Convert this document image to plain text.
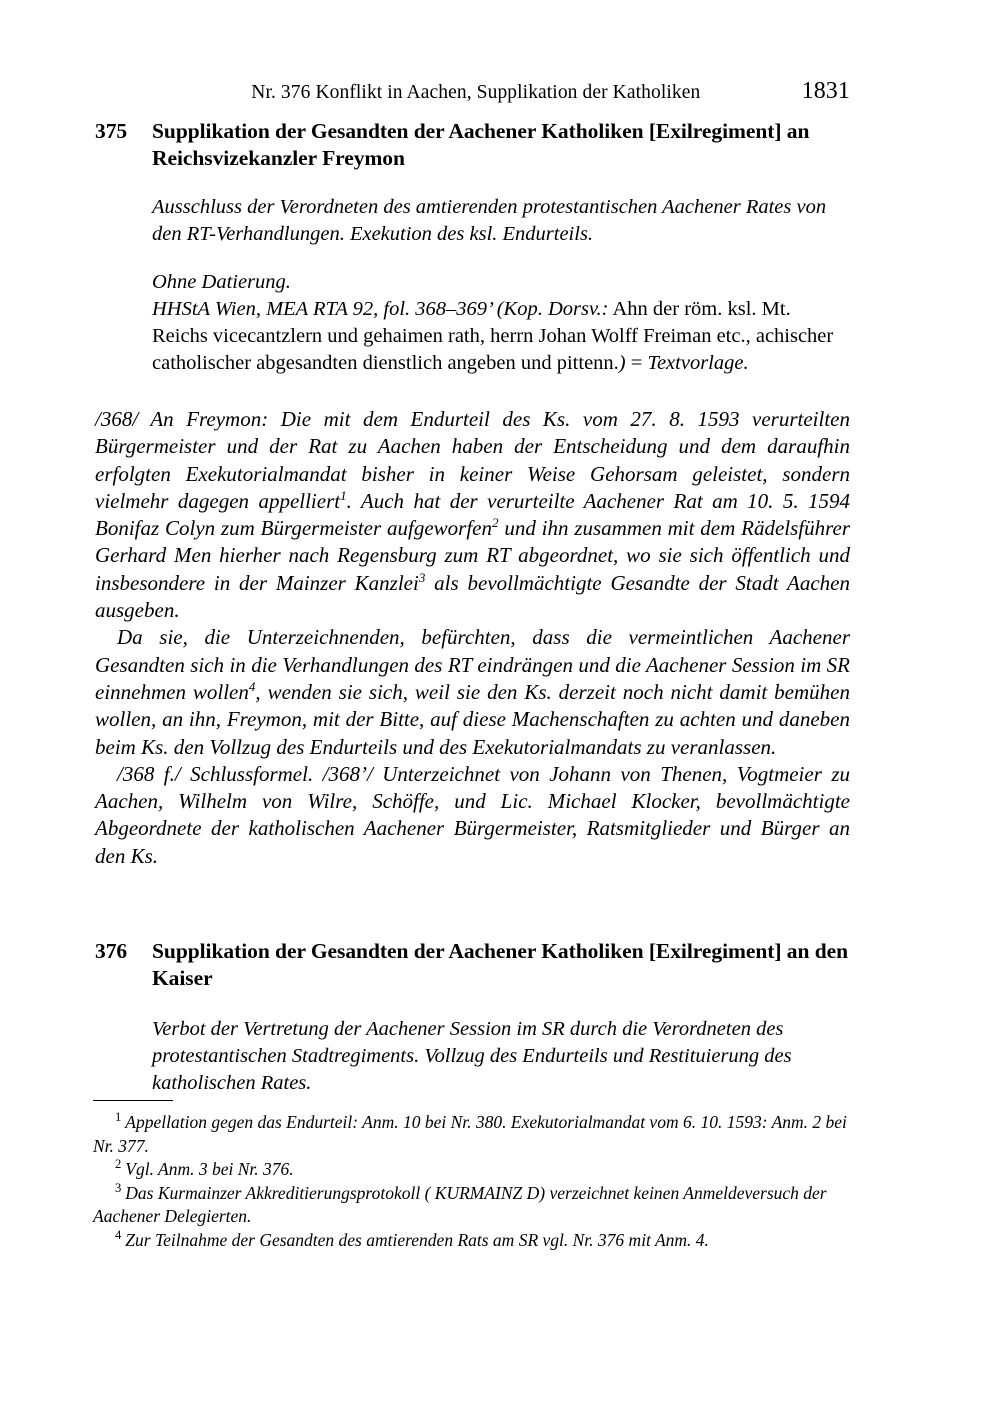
Nr. 376 Konflikt in Aachen, Supplikation der Katholiken	1831
375	Supplikation der Gesandten der Aachener Katholiken [Exilregiment] an Reichsvizekanzler Freymon
Ausschluss der Verordneten des amtierenden protestantischen Aachener Rates von den RT-Verhandlungen. Exekution des ksl. Endurteils.
Ohne Datierung.
HHStA Wien, MEA RTA 92, fol. 368–369’ (Kop. Dorsv.: Ahn der röm. ksl. Mt. Reichs vicecantzlern und gehaimen rath, herrn Johan Wolff Freiman etc., achischer catholischer abgesandten dienstlich angeben und pittenn.) = Textvorlage.
/368/ An Freymon: Die mit dem Endurteil des Ks. vom 27. 8. 1593 verurteilten Bürgermeister und der Rat zu Aachen haben der Entscheidung und dem daraufhin erfolgten Exekutorialmandat bisher in keiner Weise Gehorsam geleistet, sondern vielmehr dagegen appelliert$^1$. Auch hat der verurteilte Aachener Rat am 10. 5. 1594 Bonifaz Colyn zum Bürgermeister aufgeworfen$^2$ und ihn zusammen mit dem Rädelsführer Gerhard Men hierher nach Regensburg zum RT abgeordnet, wo sie sich öffentlich und insbesondere in der Mainzer Kanzlei$^3$ als bevollmächtigte Gesandte der Stadt Aachen ausgeben.
Da sie, die Unterzeichnenden, befürchten, dass die vermeintlichen Aachener Gesandten sich in die Verhandlungen des RT eindrängen und die Aachener Session im SR einnehmen wollen$^4$, wenden sie sich, weil sie den Ks. derzeit noch nicht damit bemühen wollen, an ihn, Freymon, mit der Bitte, auf diese Machenschaften zu achten und daneben beim Ks. den Vollzug des Endurteils und des Exekutorialmandats zu veranlassen.
/368 f./ Schlussformel. /368’/ Unterzeichnet von Johann von Thenen, Vogtmeier zu Aachen, Wilhelm von Wilre, Schöffe, und Lic. Michael Klocker, bevollmächtigte Abgeordnete der katholischen Aachener Bürgermeister, Ratsmitglieder und Bürger an den Ks.
376	Supplikation der Gesandten der Aachener Katholiken [Exilregiment] an den Kaiser
Verbot der Vertretung der Aachener Session im SR durch die Verordneten des protestantischen Stadtregiments. Vollzug des Endurteils und Restituierung des katholischen Rates.
$^1$ Appellation gegen das Endurteil: Anm. 10 bei Nr. 380. Exekutorialmandat vom 6. 10. 1593: Anm. 2 bei Nr. 377.
$^2$ Vgl. Anm. 3 bei Nr. 376.
$^3$ Das Kurmainzer Akkreditierungsprotokoll ( KURMAINZ D) verzeichnet keinen Anmeldeversuch der Aachener Delegierten.
$^4$ Zur Teilnahme der Gesandten des amtierenden Rats am SR vgl. Nr. 376 mit Anm. 4.
